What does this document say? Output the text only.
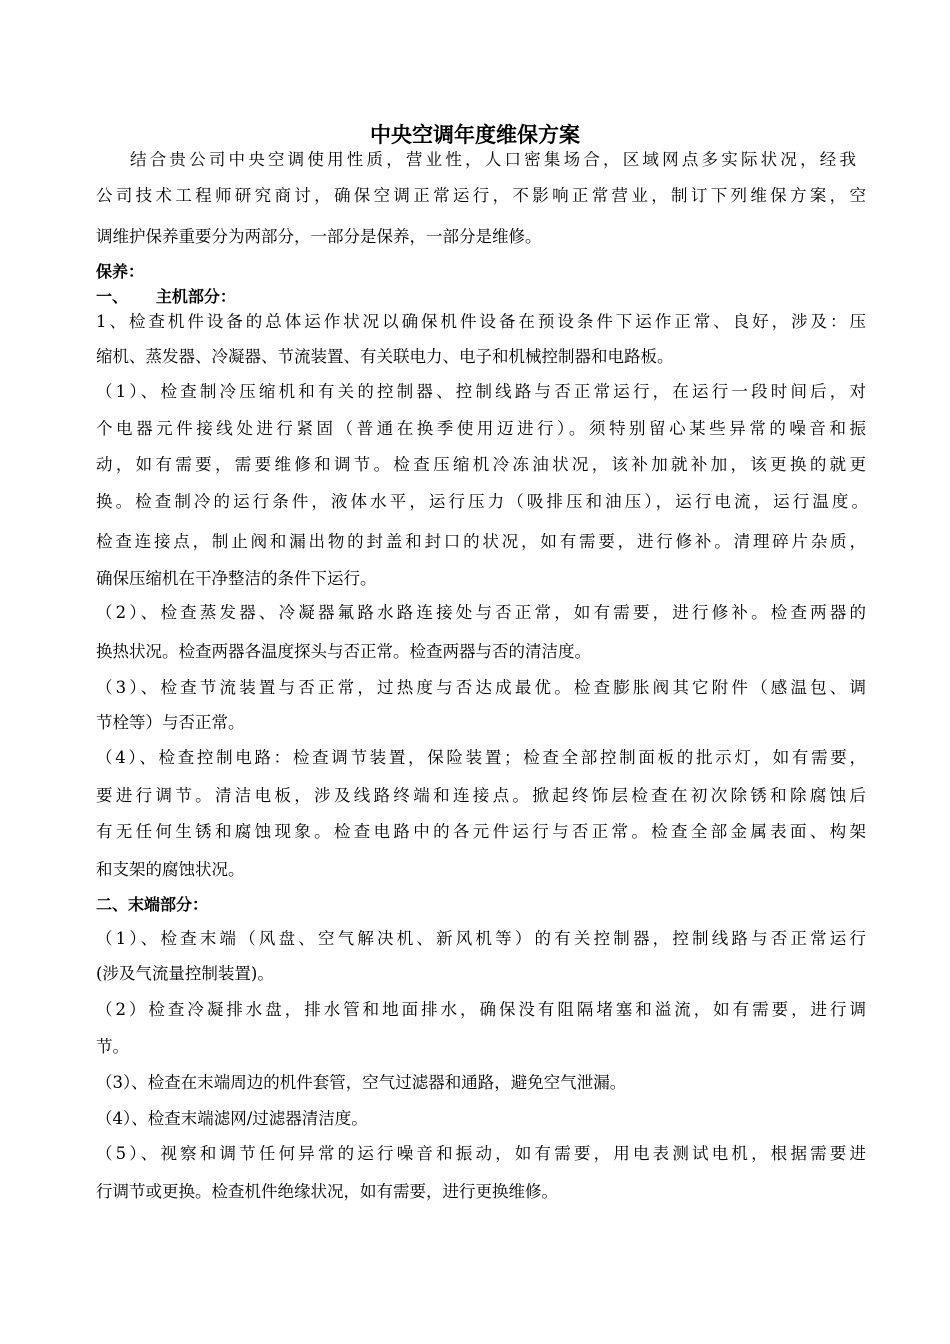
中央空调年度维保方案
结合贵公司中央空调使用性质，营业性，人口密集场合，区域网点多实际状况，经我
公司技术工程师研究商讨，确保空调正常运行，不影响正常营业，制订下列维保方案，空
调维护保养重要分为两部分，一部分是保养，一部分是维修。
保养：
一、     主机部分：
1、检查机件设备的总体运作状况以确保机件设备在预设条件下运作正常、良好，涉及：压
缩机、蒸发器、冷凝器、节流装置、有关联电力、电子和机械控制器和电路板。
（1）、检查制冷压缩机和有关的控制器、控制线路与否正常运行，在运行一段时间后，对
个电器元件接线处进行紧固（普通在换季使用迈进行）。须特别留心某些异常的噪音和振
动，如有需要，需要维修和调节。检查压缩机冷冻油状况，该补加就补加，该更换的就更
换。检查制冷的运行条件，液体水平，运行压力（吸排压和油压），运行电流，运行温度。
检查连接点，制止阀和漏出物的封盖和封口的状况，如有需要，进行修补。清理碎片杂质，
确保压缩机在干净整洁的条件下运行。
（2）、检查蒸发器、冷凝器氟路水路连接处与否正常，如有需要，进行修补。检查两器的
换热状况。检查两器各温度探头与否正常。检查两器与否的清洁度。
（3）、检查节流装置与否正常，过热度与否达成最优。检查膨胀阀其它附件（感温包、调
节栓等）与否正常。
（4）、检查控制电路：检查调节装置，保险装置；检查全部控制面板的批示灯，如有需要，
要进行调节。清洁电板，涉及线路终端和连接点。掀起终饰层检查在初次除锈和除腐蚀后
有无任何生锈和腐蚀现象。检查电路中的各元件运行与否正常。检查全部金属表面、构架
和支架的腐蚀状况。
二、末端部分：
（1）、检查末端（风盘、空气解决机、新风机等）的有关控制器，控制线路与否正常运行
(涉及气流量控制装置)。
（2）检查冷凝排水盘，排水管和地面排水，确保没有阻隔堵塞和溢流，如有需要，进行调
节。
（3）、检查在末端周边的机件套管，空气过滤器和通路，避免空气泄漏。
（4）、检查末端滤网/过滤器清洁度。
（5）、视察和调节任何异常的运行噪音和振动，如有需要，用电表测试电机，根据需要进
行调节或更换。检查机件绝缘状况，如有需要，进行更换维修。
